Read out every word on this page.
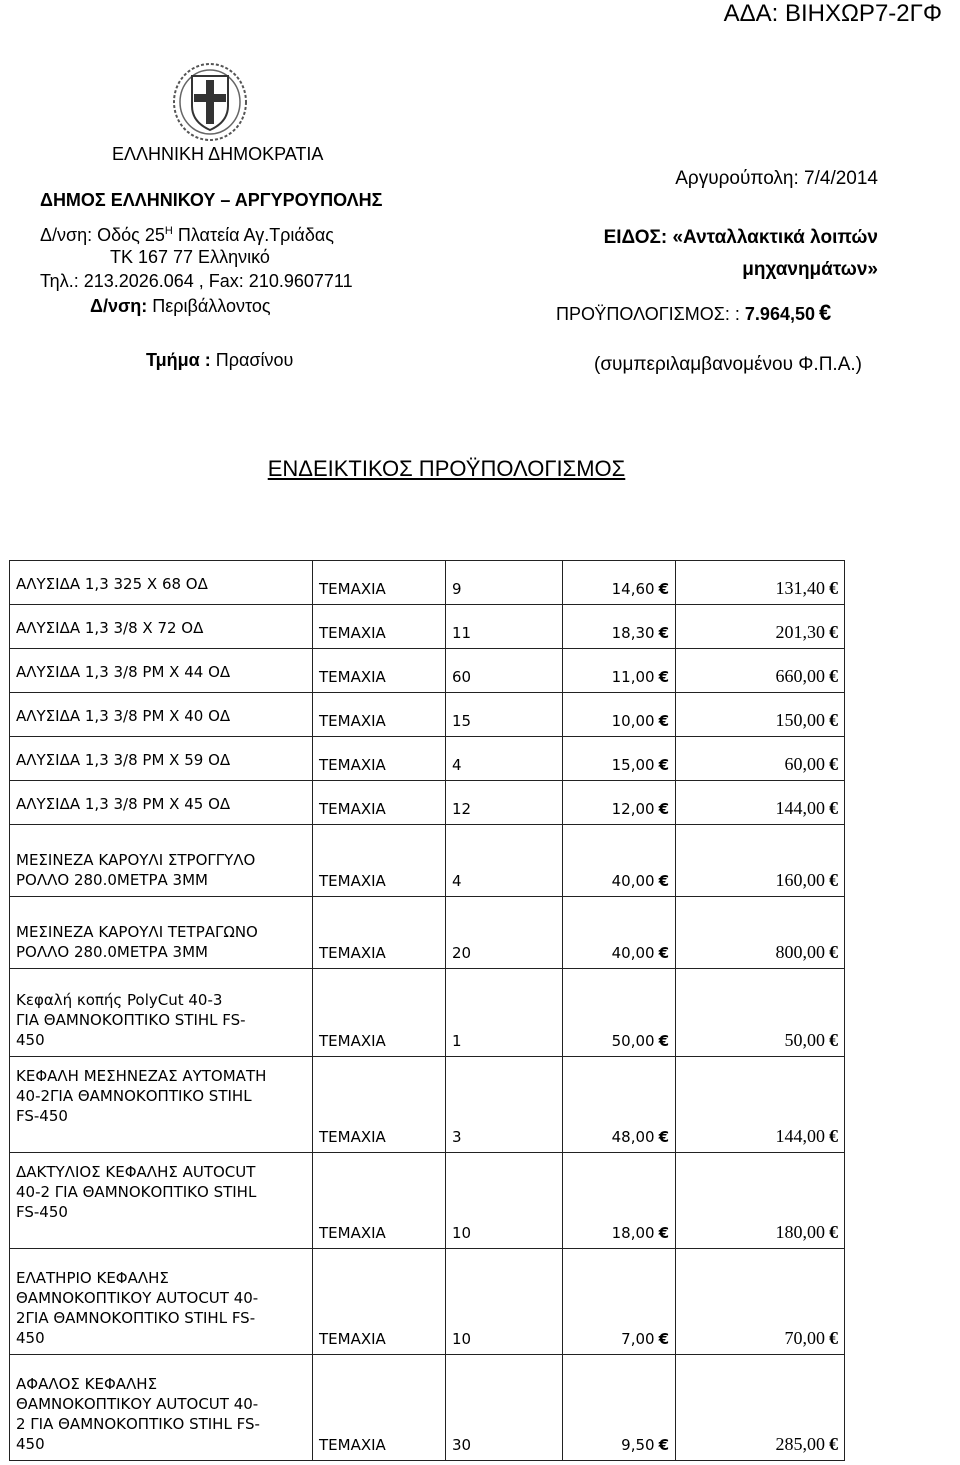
ΑΔΑ: ΒΙΗΧΩΡ7-2ΓΦ
ΕΛΛΗΝΙΚΗ ΔΗΜΟΚΡΑΤΙΑ
ΔΗΜΟΣ ΕΛΛΗΝΙΚΟΥ – ΑΡΓΥΡΟΥΠΟΛΗΣ
Δ/νση: Οδός $25^H$ Πλατεία Αγ.Τριάδας
ΤΚ 167 77 Ελληνικό
Τηλ.: 213.2026.064 , Fax: 210.9607711
Δ/νση: Περιβάλλοντος
Τμήμα : Πρασίνου
Αργυρούπολη: 7/4/2014
ΕΙΔΟΣ: «Ανταλλακτικά λοιπών
μηχανημάτων»
ΠΡΟΫΠΟΛΟΓΙΣΜΟΣ: : 7.964,50 €
(συμπεριλαμβανομένου Φ.Π.Α.)
ΕΝΔΕΙΚΤΙΚΟΣ ΠΡΟΫΠΟΛΟΓΙΣΜΟΣ
ΑΛΥΣΙΔΑ 1,3 325 Χ 68 ΟΔ	ΤΕΜΑΧΙΑ	9	14,60 €	131,40 €
ΑΛΥΣΙΔΑ 1,3 3/8 Χ 72 ΟΔ	ΤΕΜΑΧΙΑ	11	18,30 €	201,30 €
ΑΛΥΣΙΔΑ 1,3 3/8 ΡΜ Χ 44 ΟΔ	ΤΕΜΑΧΙΑ	60	11,00 €	660,00 €
ΑΛΥΣΙΔΑ 1,3 3/8 ΡΜ Χ 40 ΟΔ	ΤΕΜΑΧΙΑ	15	10,00 €	150,00 €
ΑΛΥΣΙΔΑ 1,3 3/8 ΡΜ Χ 59 ΟΔ	ΤΕΜΑΧΙΑ	4	15,00 €	60,00 €
ΑΛΥΣΙΔΑ 1,3 3/8 ΡΜ Χ 45 ΟΔ	ΤΕΜΑΧΙΑ	12	12,00 €	144,00 €
ΜΕΣΙΝΕΖΑ ΚΑΡΟΥΛΙ ΣΤΡΟΓΓΥΛΟ
ΡΟΛΛΟ 280.0ΜΕΤΡΑ 3ΜΜ	ΤΕΜΑΧΙΑ	4	40,00 €	160,00 €
ΜΕΣΙΝΕΖΑ ΚΑΡΟΥΛΙ ΤΕΤΡΑΓΩΝΟ
ΡΟΛΛΟ 280.0ΜΕΤΡΑ 3ΜΜ	ΤΕΜΑΧΙΑ	20	40,00 €	800,00 €
Κεφαλή κοπής PolyCut 40-3
ΓΙΑ ΘΑΜΝΟΚΟΠΤΙΚΟ STIHL FS-
450	ΤΕΜΑΧΙΑ	1	50,00 €	50,00 €
ΚΕΦΑΛΗ ΜΕΣΗΝΕΖΑΣ ΑΥΤΟΜΑΤΗ
40-2ΓΙΑ ΘΑΜΝΟΚΟΠΤΙΚΟ STIHL
FS-450	ΤΕΜΑΧΙΑ	3	48,00 €	144,00 €
ΔΑΚΤΥΛΙΟΣ ΚΕΦΑΛΗΣ AUTOCUT
40-2 ΓΙΑ ΘΑΜΝΟΚΟΠΤΙΚΟ STIHL
FS-450	ΤΕΜΑΧΙΑ	10	18,00 €	180,00 €
ΕΛΑΤΗΡΙΟ ΚΕΦΑΛΗΣ
ΘΑΜΝΟΚΟΠΤΙΚΟΥ AUTOCUT 40-
2ΓΙΑ ΘΑΜΝΟΚΟΠΤΙΚΟ STIHL FS-
450	ΤΕΜΑΧΙΑ	10	7,00 €	70,00 €
ΑΦΑΛΟΣ ΚΕΦΑΛΗΣ
ΘΑΜΝΟΚΟΠΤΙΚΟΥ AUTOCUT 40-
2 ΓΙΑ ΘΑΜΝΟΚΟΠΤΙΚΟ STIHL FS-
450	ΤΕΜΑΧΙΑ	30	9,50 €	285,00 €
